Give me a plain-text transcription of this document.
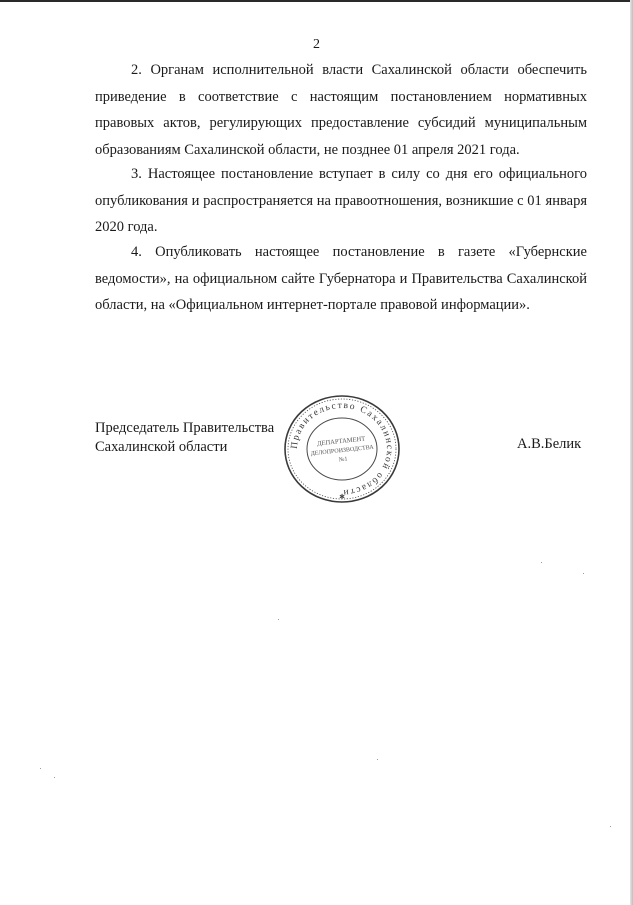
2

2. Органам исполнительной власти Сахалинской области обеспечить приведение в соответствие с настоящим постановлением нормативных правовых актов, регулирующих предоставление субсидий муниципальным образованиям Сахалинской области, не позднее 01 апреля 2021 года.

3. Настоящее постановление вступает в силу со дня его официального опубликования и распространяется на правоотношения, возникшие с 01 января 2020 года.

4. Опубликовать настоящее постановление в газете «Губернские ведомости», на официальном сайте Губернатора и Правительства Сахалинской области, на «Официальном интернет-портале правовой информации».

Председатель Правительства
Сахалинской области	Правительство Сахалинской области
ДЕПАРТАМЕНТ
ДЕЛОПРОИЗВОДСТВА
№1
✱
А.В.Белик
